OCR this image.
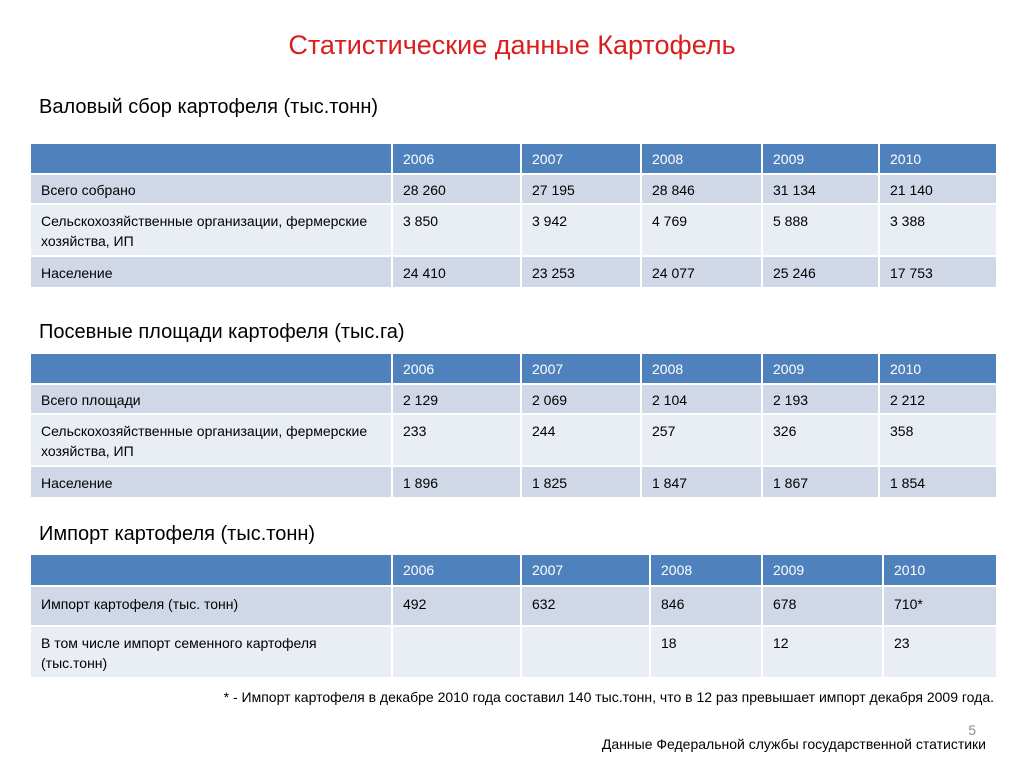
Статистические данные Картофель
Валовый сбор картофеля (тыс.тонн)
	2006	2007	2008	2009	2010
Всего собрано	28 260	27 195	28 846	31 134	21 140
Сельскохозяйственные организации, фермерские хозяйства, ИП	3 850	3 942	4 769	5 888	3 388
Население	24 410	23 253	24 077	25 246	17 753
Посевные площади картофеля (тыс.га)
	2006	2007	2008	2009	2010
Всего площади	2 129	2 069	2 104	2 193	2 212
Сельскохозяйственные организации, фермерские хозяйства, ИП	233	244	257	326	358
Население	1 896	1 825	1 847	1 867	1 854
Импорт картофеля (тыс.тонн)
	2006	2007	2008	2009	2010
Импорт картофеля (тыс. тонн)	492	632	846	678	710*
В том числе импорт семенного картофеля (тыс.тонн)			18	12	23
* - Импорт картофеля в декабре 2010 года составил 140 тыс.тонн, что в 12 раз превышает импорт декабря 2009 года.
5
Данные Федеральной службы государственной статистики
